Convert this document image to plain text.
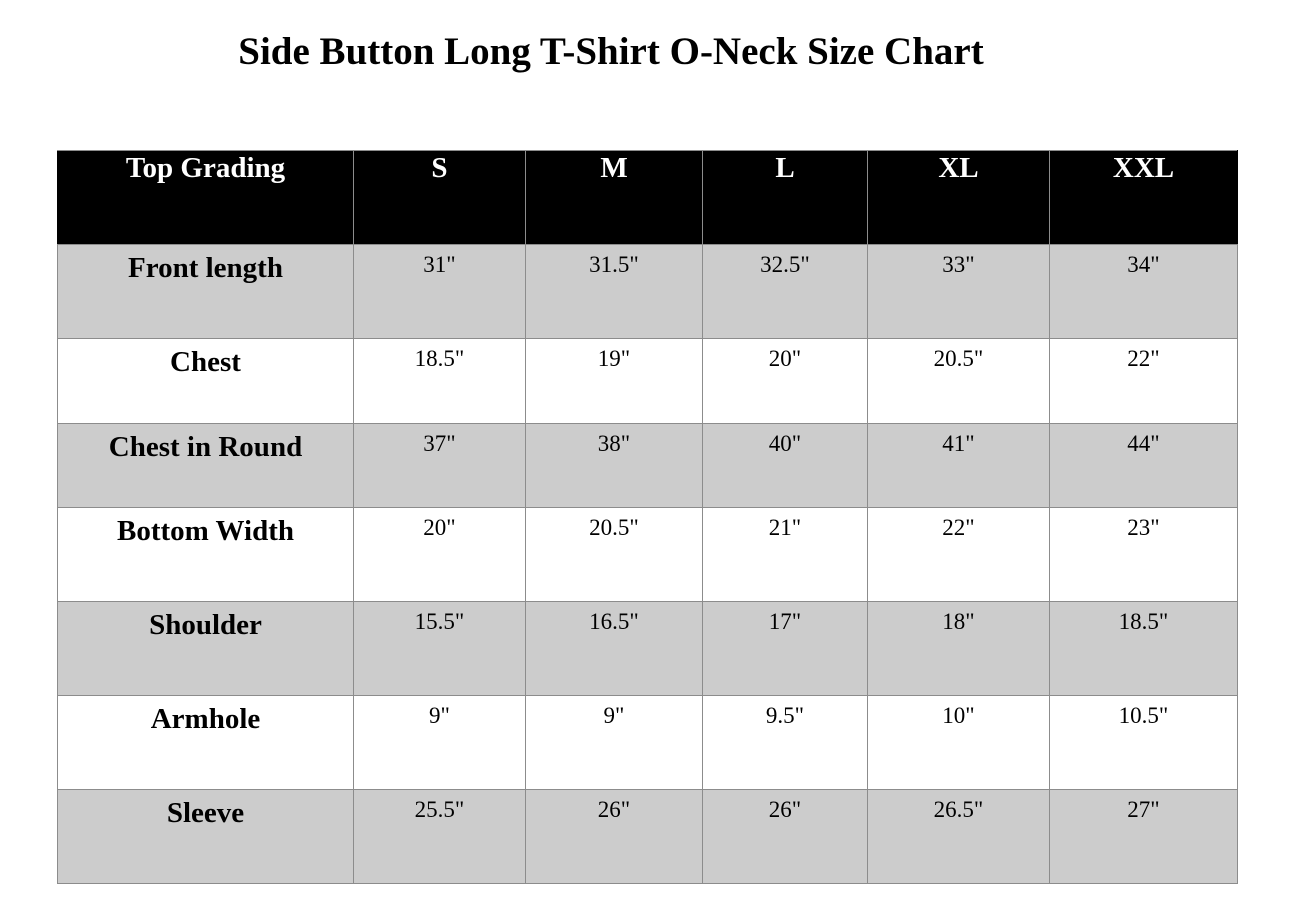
Side Button Long T-Shirt O-Neck Size Chart
Top Grading	S	M	L	XL	XXL
Front length	31"	31.5"	32.5"	33"	34"
Chest	18.5"	19"	20"	20.5"	22"
Chest in Round	37"	38"	40"	41"	44"
Bottom Width	20"	20.5"	21"	22"	23"
Shoulder	15.5"	16.5"	17"	18"	18.5"
Armhole	9"	9"	9.5"	10"	10.5"
Sleeve	25.5"	26"	26"	26.5"	27"
